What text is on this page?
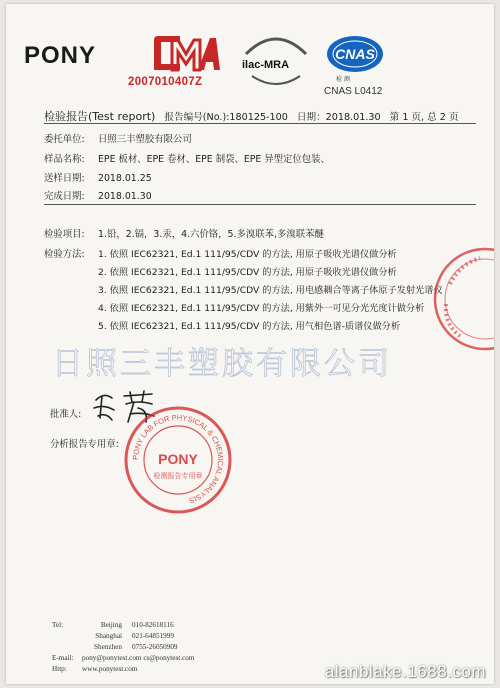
PONY
2007010407Z
ilac-MRA
CNAS
检 测
CNAS L0412
检验报告(Test report) 报告编号(No.):180125-100 日期：2018.01.30 第 1 页, 总 2 页
委托单位: 日照三丰塑胶有限公司
样品名称: EPE 板材、EPE 卷材、EPE 制袋、EPE 异型定位包装、
送样日期: 2018.01.25
完成日期: 2018.01.30
检验项目: 1.铅，2.镉，3.汞，4.六价铬，5.多溴联苯,多溴联苯醚
检验方法: 1. 依照 IEC62321, Ed.1 111/95/CDV 的方法, 用原子吸收光谱仪做分析
2. 依照 IEC62321, Ed.1 111/95/CDV 的方法, 用原子吸收光谱仪做分析
3. 依照 IEC62321, Ed.1 111/95/CDV 的方法, 用电感耦合等离子体原子发射光谱仪
4. 依照 IEC62321, Ed.1 111/95/CDV 的方法, 用紫外一可见分光光度计做分析
5. 依照 IEC62321, Ed.1 111/95/CDV 的方法, 用气相色谱-质谱仪做分析
日照三丰塑胶有限公司
批准人:
分析报告专用章:
PONY LAB FOR PHYSICAL & CHEMICAL ANALYSIS
PONY
检测报告专用章
Tel:	Beijing 010-82618116
Shanghai 021-64851999
Shenzhen 0755-26050909
E-mail: pony@ponytest.com cs@ponytest.com
Http: www.ponytest.com	alanblake.1688.com
